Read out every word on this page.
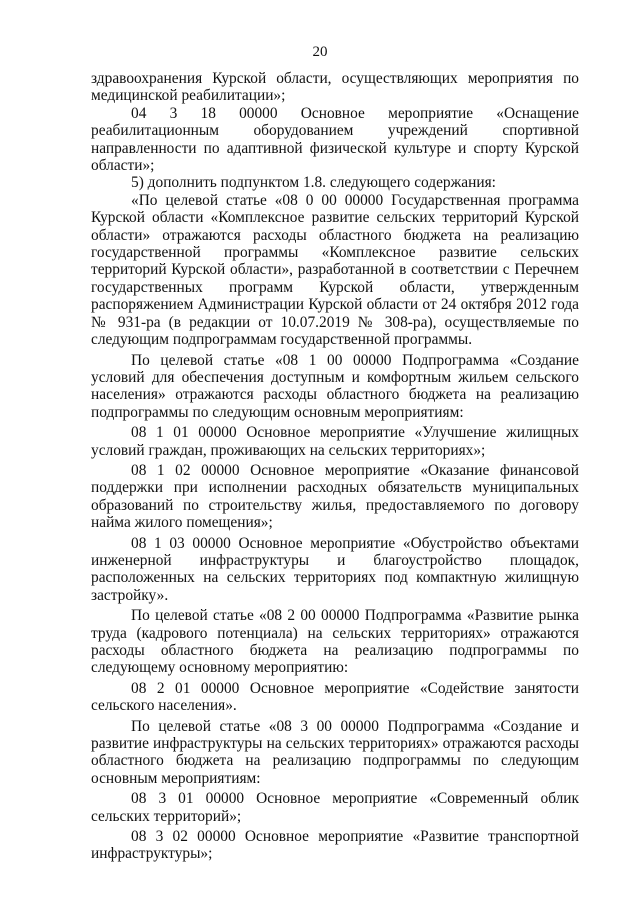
20

здравоохранения Курской области, осуществляющих мероприятия по медицинской реабилитации»;

04 3 18 00000 Основное мероприятие «Оснащение реабилитационным оборудованием учреждений спортивной направленности по адаптивной физической культуре и спорту Курской области»;

5) дополнить подпунктом 1.8. следующего содержания:

«По целевой статье «08 0 00 00000 Государственная программа Курской области «Комплексное развитие сельских территорий Курской области» отражаются расходы областного бюджета на реализацию государственной программы «Комплексное развитие сельских территорий Курской области», разработанной в соответствии с Перечнем государственных программ Курской области, утвержденным распоряжением Администрации Курской области от 24 октября 2012 года № 931-ра (в редакции от 10.07.2019 № 308-ра), осуществляемые по следующим подпрограммам государственной программы.

По целевой статье «08 1 00 00000 Подпрограмма «Создание условий для обеспечения доступным и комфортным жильем сельского населения» отражаются расходы областного бюджета на реализацию подпрограммы по следующим основным мероприятиям:

08 1 01 00000 Основное мероприятие «Улучшение жилищных условий граждан, проживающих на сельских территориях»;

08 1 02 00000 Основное мероприятие «Оказание финансовой поддержки при исполнении расходных обязательств муниципальных образований по строительству жилья, предоставляемого по договору найма жилого помещения»;

08 1 03 00000 Основное мероприятие «Обустройство объектами инженерной инфраструктуры и благоустройство площадок, расположенных на сельских территориях под компактную жилищную застройку».

По целевой статье «08 2 00 00000 Подпрограмма «Развитие рынка труда (кадрового потенциала) на сельских территориях» отражаются расходы областного бюджета на реализацию подпрограммы по следующему основному мероприятию:

08 2 01 00000 Основное мероприятие «Содействие занятости сельского населения».

По целевой статье «08 3 00 00000 Подпрограмма «Создание и развитие инфраструктуры на сельских территориях» отражаются расходы областного бюджета на реализацию подпрограммы по следующим основным мероприятиям:

08 3 01 00000 Основное мероприятие «Современный облик сельских территорий»;

08 3 02 00000 Основное мероприятие «Развитие транспортной инфраструктуры»;
